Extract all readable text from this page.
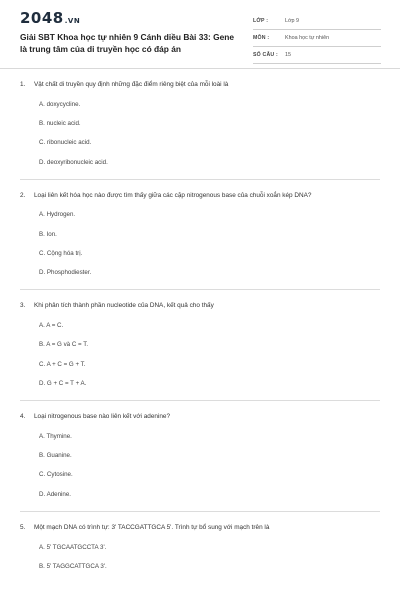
2048.VN
Giải SBT Khoa học tự nhiên 9 Cánh diều Bài 33: Gene là trung tâm của di truyền học có đáp án
LỚP :	Lớp 9
MÔN :	Khoa học tự nhiên
SỐ CÂU :	15
1.	Vật chất di truyền quy định những đặc điểm riêng biệt của mỗi loài là
A. doxycycline.
B. nucleic acid.
C. ribonucleic acid.
D. deoxyribonucleic acid.
2.	Loại liên kết hóa học nào được tìm thấy giữa các cặp nitrogenous base của chuỗi xoắn kép DNA?
A. Hydrogen.
B. Ion.
C. Cộng hóa trị.
D. Phosphodiester.
3.	Khi phân tích thành phần nucleotide của DNA, kết quả cho thấy
A. A = C.
B. A = G và C = T.
C. A + C = G + T.
D. G + C = T + A.
4.	Loại nitrogenous base nào liên kết với adenine?
A. Thymine.
B. Guanine.
C. Cytosine.
D. Adenine.
5.	Một mạch DNA có trình tự: 3' TACCGATTGCA 5'. Trình tự bổ sung với mạch trên là
A. 5' TGCAATGCCTA 3'.
B. 5' TAGGCATTGCA 3'.
